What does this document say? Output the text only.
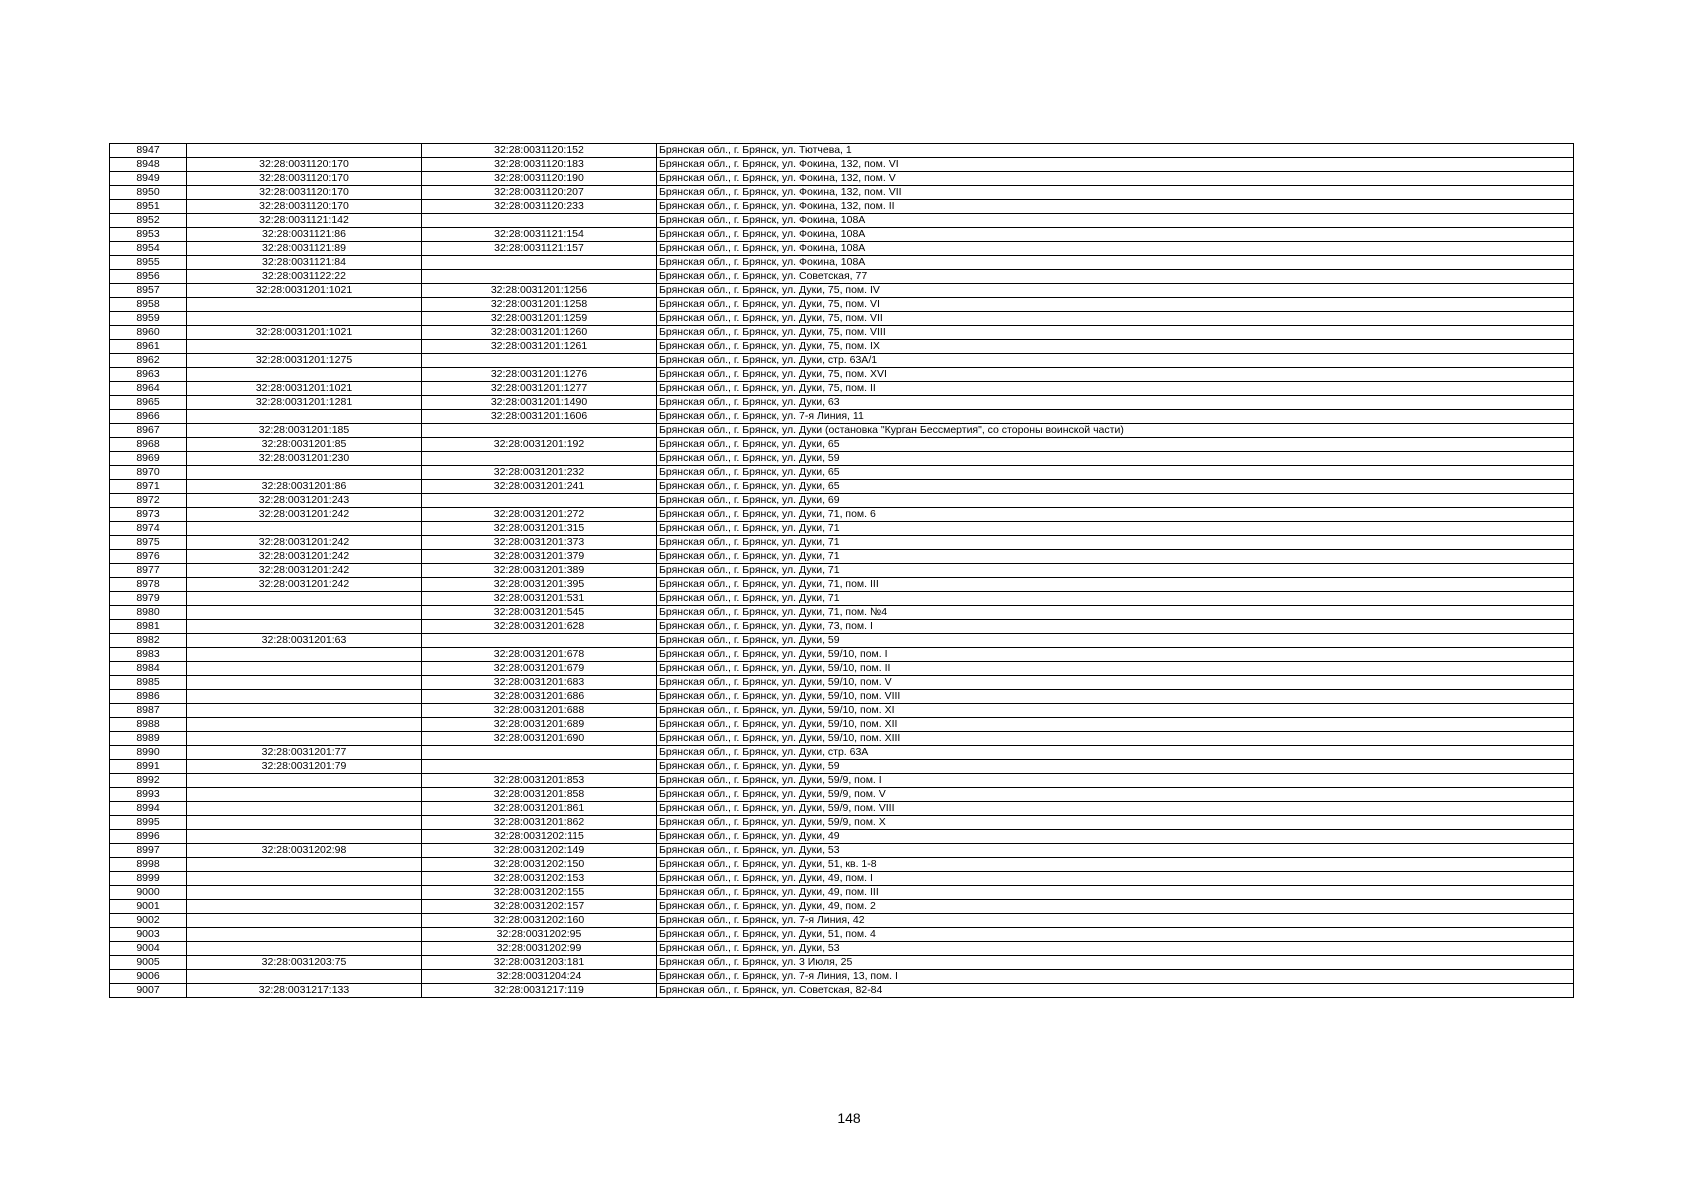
8947		32:28:0031120:152	Брянская обл., г. Брянск, ул. Тютчева, 1
8948	32:28:0031120:170	32:28:0031120:183	Брянская обл., г. Брянск, ул. Фокина, 132, пом. VI
8949	32:28:0031120:170	32:28:0031120:190	Брянская обл., г. Брянск, ул. Фокина, 132, пом. V
8950	32:28:0031120:170	32:28:0031120:207	Брянская обл., г. Брянск, ул. Фокина, 132, пом. VII
8951	32:28:0031120:170	32:28:0031120:233	Брянская обл., г. Брянск, ул. Фокина, 132, пом. II
8952	32:28:0031121:142		Брянская обл., г. Брянск, ул. Фокина, 108А
8953	32:28:0031121:86	32:28:0031121:154	Брянская обл., г. Брянск, ул. Фокина, 108А
8954	32:28:0031121:89	32:28:0031121:157	Брянская обл., г. Брянск, ул. Фокина, 108А
8955	32:28:0031121:84		Брянская обл., г. Брянск, ул. Фокина, 108А
8956	32:28:0031122:22		Брянская обл., г. Брянск, ул. Советская, 77
8957	32:28:0031201:1021	32:28:0031201:1256	Брянская обл., г. Брянск, ул. Дуки, 75, пом. IV
8958		32:28:0031201:1258	Брянская обл., г. Брянск, ул. Дуки, 75, пом. VI
8959		32:28:0031201:1259	Брянская обл., г. Брянск, ул. Дуки, 75, пом. VII
8960	32:28:0031201:1021	32:28:0031201:1260	Брянская обл., г. Брянск, ул. Дуки, 75, пом. VIII
8961		32:28:0031201:1261	Брянская обл., г. Брянск, ул. Дуки, 75, пом. IX
8962	32:28:0031201:1275		Брянская обл., г. Брянск, ул. Дуки, стр. 63А/1
8963		32:28:0031201:1276	Брянская обл., г. Брянск, ул. Дуки, 75, пом. XVI
8964	32:28:0031201:1021	32:28:0031201:1277	Брянская обл., г. Брянск, ул. Дуки, 75, пом. II
8965	32:28:0031201:1281	32:28:0031201:1490	Брянская обл., г. Брянск, ул. Дуки, 63
8966		32:28:0031201:1606	Брянская обл., г. Брянск, ул. 7-я Линия, 11
8967	32:28:0031201:185		Брянская обл., г. Брянск, ул. Дуки (остановка "Курган Бессмертия", со стороны воинской части)
8968	32:28:0031201:85	32:28:0031201:192	Брянская обл., г. Брянск, ул. Дуки, 65
8969	32:28:0031201:230		Брянская обл., г. Брянск, ул. Дуки, 59
8970		32:28:0031201:232	Брянская обл., г. Брянск, ул. Дуки, 65
8971	32:28:0031201:86	32:28:0031201:241	Брянская обл., г. Брянск, ул. Дуки, 65
8972	32:28:0031201:243		Брянская обл., г. Брянск, ул. Дуки, 69
8973	32:28:0031201:242	32:28:0031201:272	Брянская обл., г. Брянск, ул. Дуки, 71, пом. 6
8974		32:28:0031201:315	Брянская обл., г. Брянск, ул. Дуки, 71
8975	32:28:0031201:242	32:28:0031201:373	Брянская обл., г. Брянск, ул. Дуки, 71
8976	32:28:0031201:242	32:28:0031201:379	Брянская обл., г. Брянск, ул. Дуки, 71
8977	32:28:0031201:242	32:28:0031201:389	Брянская обл., г. Брянск, ул. Дуки, 71
8978	32:28:0031201:242	32:28:0031201:395	Брянская обл., г. Брянск, ул. Дуки, 71, пом. III
8979		32:28:0031201:531	Брянская обл., г. Брянск, ул. Дуки, 71
8980		32:28:0031201:545	Брянская обл., г. Брянск, ул. Дуки, 71, пом. №4
8981		32:28:0031201:628	Брянская обл., г. Брянск, ул. Дуки, 73, пом. I
8982	32:28:0031201:63		Брянская обл., г. Брянск, ул. Дуки, 59
8983		32:28:0031201:678	Брянская обл., г. Брянск, ул. Дуки, 59/10, пом. I
8984		32:28:0031201:679	Брянская обл., г. Брянск, ул. Дуки, 59/10, пом. II
8985		32:28:0031201:683	Брянская обл., г. Брянск, ул. Дуки, 59/10, пом. V
8986		32:28:0031201:686	Брянская обл., г. Брянск, ул. Дуки, 59/10, пом. VIII
8987		32:28:0031201:688	Брянская обл., г. Брянск, ул. Дуки, 59/10, пом. XI
8988		32:28:0031201:689	Брянская обл., г. Брянск, ул. Дуки, 59/10, пом. XII
8989		32:28:0031201:690	Брянская обл., г. Брянск, ул. Дуки, 59/10, пом. XIII
8990	32:28:0031201:77		Брянская обл., г. Брянск, ул. Дуки, стр. 63А
8991	32:28:0031201:79		Брянская обл., г. Брянск, ул. Дуки, 59
8992		32:28:0031201:853	Брянская обл., г. Брянск, ул. Дуки, 59/9, пом. I
8993		32:28:0031201:858	Брянская обл., г. Брянск, ул. Дуки, 59/9, пом. V
8994		32:28:0031201:861	Брянская обл., г. Брянск, ул. Дуки, 59/9, пом. VIII
8995		32:28:0031201:862	Брянская обл., г. Брянск, ул. Дуки, 59/9, пом. X
8996		32:28:0031202:115	Брянская обл., г. Брянск, ул. Дуки, 49
8997	32:28:0031202:98	32:28:0031202:149	Брянская обл., г. Брянск, ул. Дуки, 53
8998		32:28:0031202:150	Брянская обл., г. Брянск, ул. Дуки, 51, кв. 1-8
8999		32:28:0031202:153	Брянская обл., г. Брянск, ул. Дуки, 49, пом. I
9000		32:28:0031202:155	Брянская обл., г. Брянск, ул. Дуки, 49, пом. III
9001		32:28:0031202:157	Брянская обл., г. Брянск, ул. Дуки, 49, пом. 2
9002		32:28:0031202:160	Брянская обл., г. Брянск, ул. 7-я Линия, 42
9003		32:28:0031202:95	Брянская обл., г. Брянск, ул. Дуки, 51, пом. 4
9004		32:28:0031202:99	Брянская обл., г. Брянск, ул. Дуки, 53
9005	32:28:0031203:75	32:28:0031203:181	Брянская обл., г. Брянск, ул. 3 Июля, 25
9006		32:28:0031204:24	Брянская обл., г. Брянск, ул. 7-я Линия, 13, пом. I
9007	32:28:0031217:133	32:28:0031217:119	Брянская обл., г. Брянск, ул. Советская, 82-84
148
